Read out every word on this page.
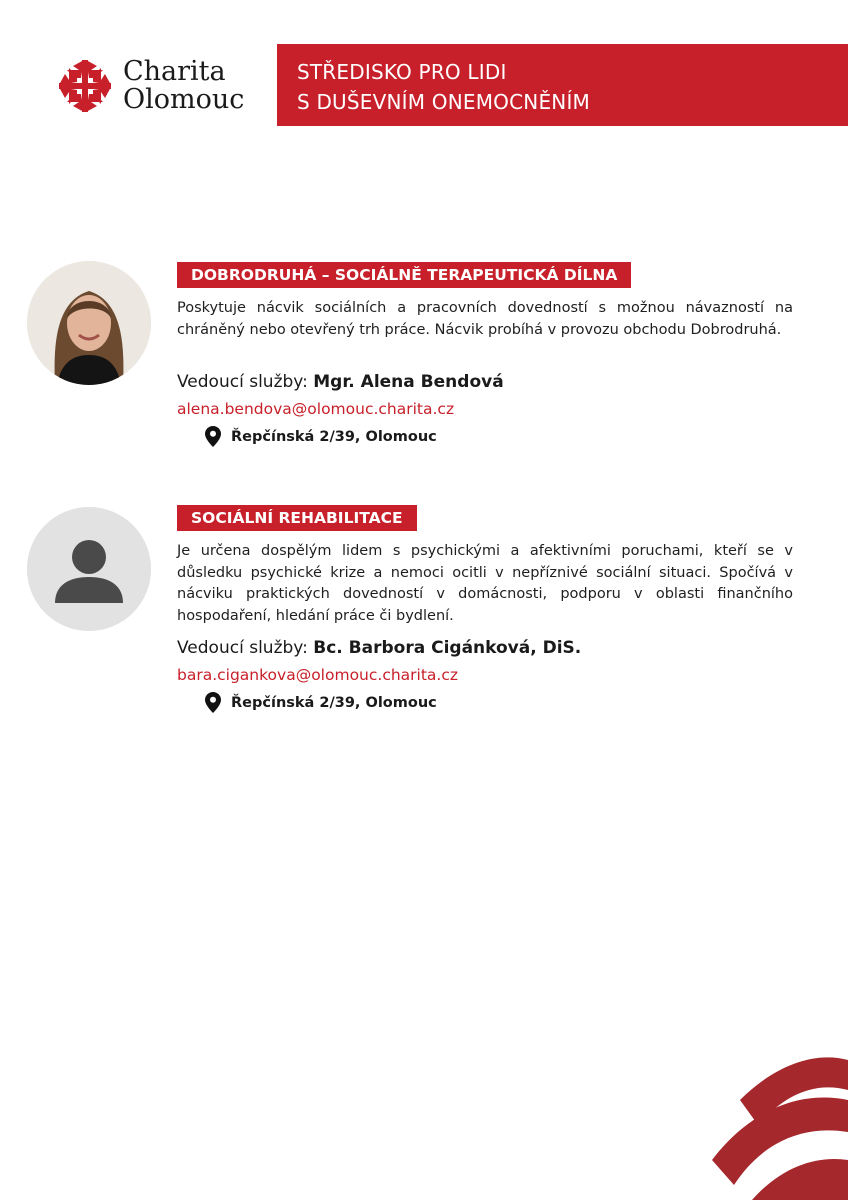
Charita
Olomouc
STŘEDISKO PRO LIDI
S DUŠEVNÍM ONEMOCNĚNÍM
DOBRODRUHÁ – SOCIÁLNĚ TERAPEUTICKÁ DÍLNA
Poskytuje nácvik sociálních a pracovních dovedností s možnou návazností na chráněný nebo otevřený trh práce. Nácvik probíhá v provozu obchodu Dobrodruhá.
Vedoucí služby: Mgr. Alena Bendová
alena.bendova@olomouc.charita.cz
Řepčínská 2/39, Olomouc
SOCIÁLNÍ REHABILITACE
Je určena dospělým lidem s psychickými a afektivními poruchami, kteří se v důsledku psychické krize a nemoci ocitli v nepříznivé sociální situaci. Spočívá v nácviku praktických dovedností v domácnosti, podporu v oblasti finančního hospodaření, hledání práce či bydlení.
Vedoucí služby: Bc. Barbora Cigánková, DiS.
bara.cigankova@olomouc.charita.cz
Řepčínská 2/39, Olomouc
